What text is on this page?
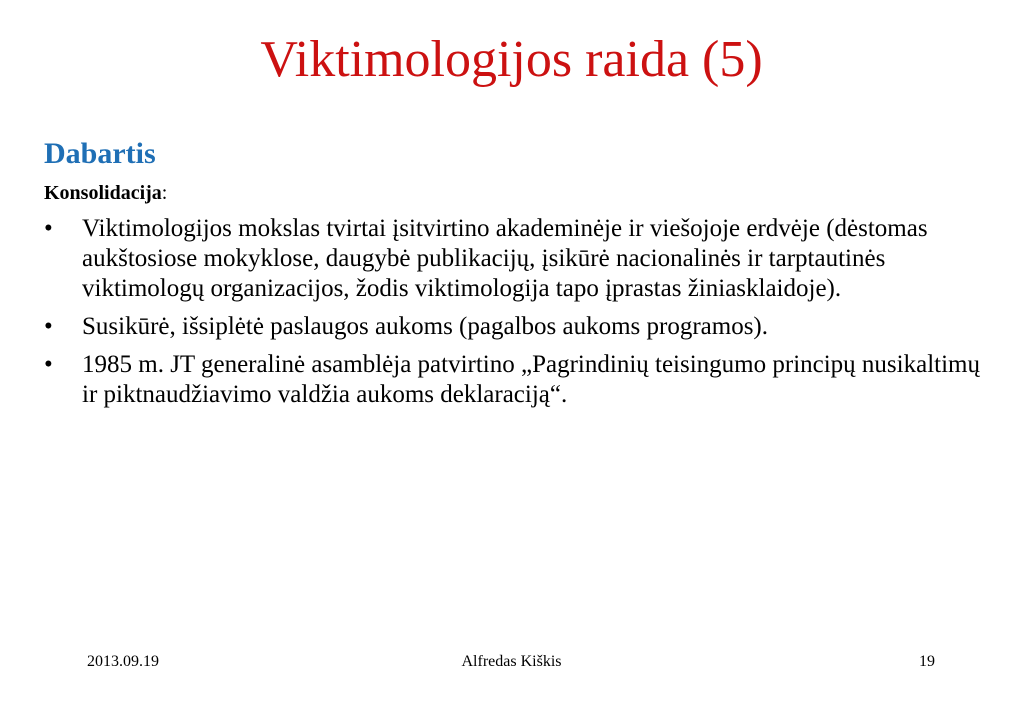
Viktimologijos raida (5)
Dabartis
Konsolidacija:
• Viktimologijos mokslas tvirtai įsitvirtino akademinėje ir viešojoje erdvėje (dėstomas aukštosiose mokyklose, daugybė publikacijų, įsikūrė nacionalinės ir tarptautinės viktimologų organizacijos, žodis viktimologija tapo įprastas žiniasklaidoje).
• Susikūrė, išsiplėtė paslaugos aukoms (pagalbos aukoms programos).
• 1985 m. JT generalinė asamblėja patvirtino „Pagrindinių teisingumo principų nusikaltimų ir piktnaudžiavimo valdžia aukoms deklaraciją“.
2013.09.19	Alfredas Kiškis	19
